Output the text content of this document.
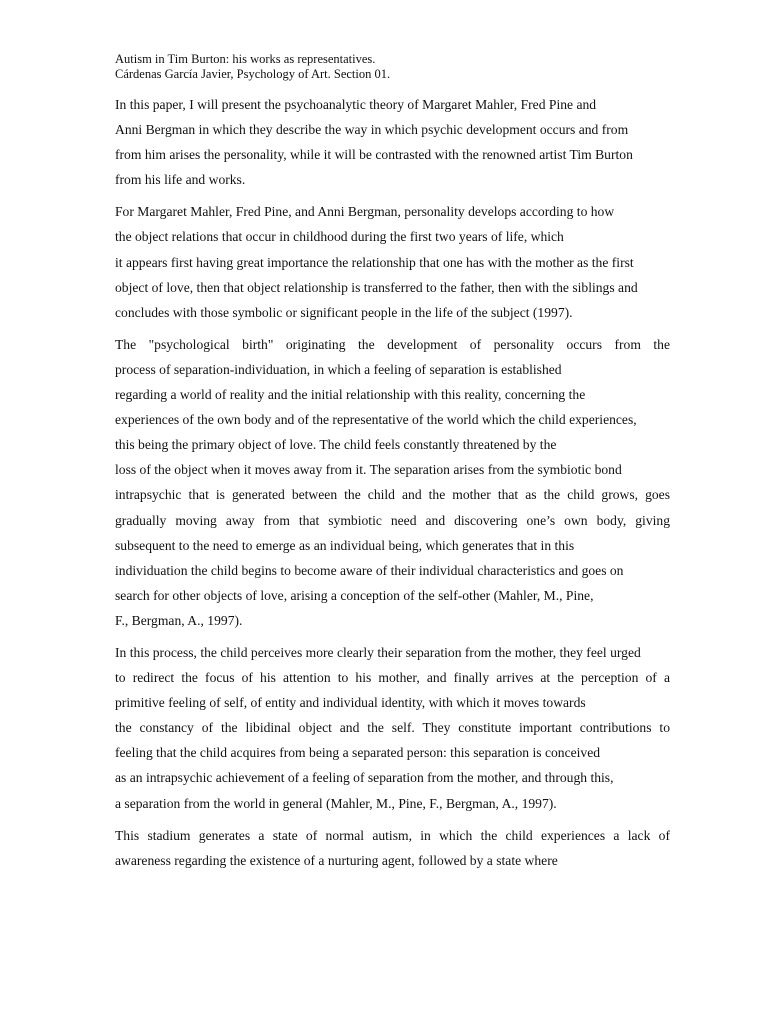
Autism in Tim Burton: his works as representatives.
Cárdenas García Javier, Psychology of Art. Section 01.

In this paper, I will present the psychoanalytic theory of Margaret Mahler, Fred Pine and
Anni Bergman in which they describe the way in which psychic development occurs and from
from him arises the personality, while it will be contrasted with the renowned artist Tim Burton
from his life and works.

For Margaret Mahler, Fred Pine, and Anni Bergman, personality develops according to how
the object relations that occur in childhood during the first two years of life, which
it appears first having great importance the relationship that one has with the mother as the first
object of love, then that object relationship is transferred to the father, then with the siblings and
concludes with those symbolic or significant people in the life of the subject (1997).

The "psychological birth" originating the development of personality occurs from the
process of separation-individuation, in which a feeling of separation is established
regarding a world of reality and the initial relationship with this reality, concerning the
experiences of the own body and of the representative of the world which the child experiences,
this being the primary object of love. The child feels constantly threatened by the
loss of the object when it moves away from it. The separation arises from the symbiotic bond
intrapsychic that is generated between the child and the mother that as the child grows, goes
gradually moving away from that symbiotic need and discovering one’s own body, giving
subsequent to the need to emerge as an individual being, which generates that in this
individuation the child begins to become aware of their individual characteristics and goes on
search for other objects of love, arising a conception of the self-other (Mahler, M., Pine,
F., Bergman, A., 1997).

In this process, the child perceives more clearly their separation from the mother, they feel urged
to redirect the focus of his attention to his mother, and finally arrives at the perception of a
primitive feeling of self, of entity and individual identity, with which it moves towards
the constancy of the libidinal object and the self. They constitute important contributions to
feeling that the child acquires from being a separated person: this separation is conceived
as an intrapsychic achievement of a feeling of separation from the mother, and through this,
a separation from the world in general (Mahler, M., Pine, F., Bergman, A., 1997).

This stadium generates a state of normal autism, in which the child experiences a lack of
awareness regarding the existence of a nurturing agent, followed by a state where
